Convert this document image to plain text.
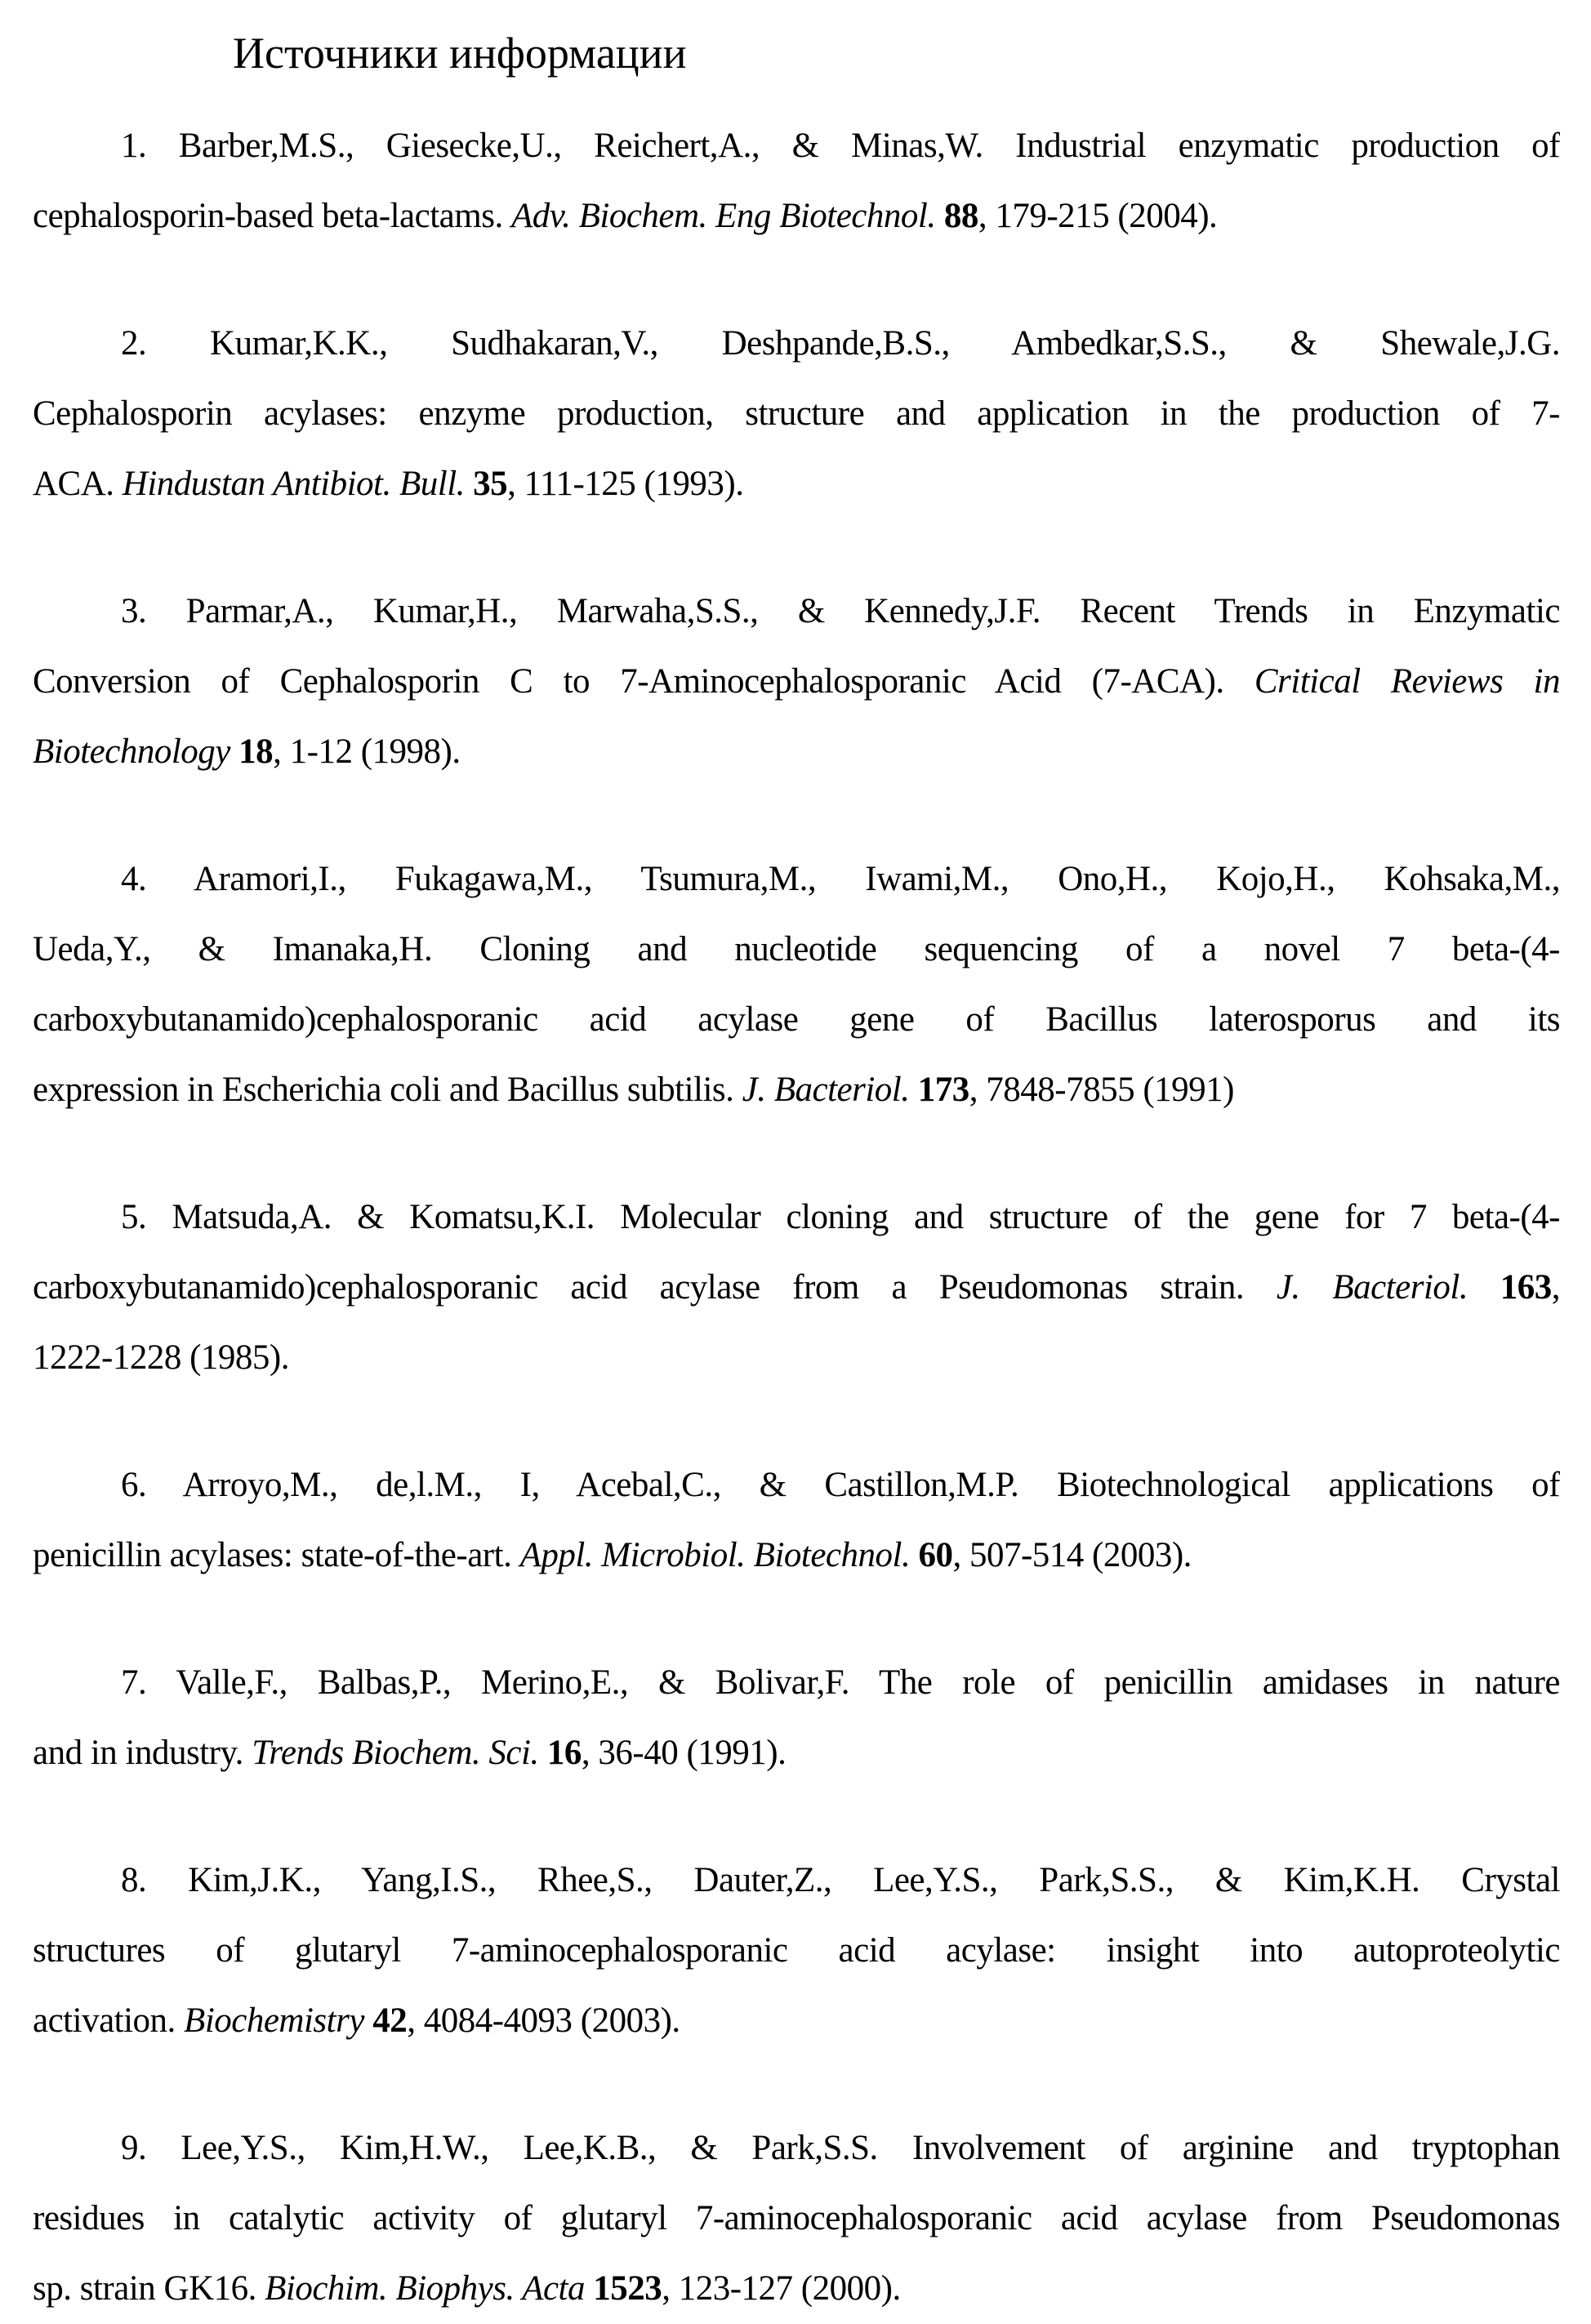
Источники информации

1. Barber,M.S., Giesecke,U., Reichert,A., & Minas,W. Industrial enzymatic production of
cephalosporin-based beta-lactams. Adv. Biochem. Eng Biotechnol. 88, 179-215 (2004).

2. Kumar,K.K., Sudhakaran,V., Deshpande,B.S., Ambedkar,S.S., & Shewale,J.G.
Cephalosporin acylases: enzyme production, structure and application in the production of 7-
ACA. Hindustan Antibiot. Bull. 35, 111-125 (1993).

3. Parmar,A., Kumar,H., Marwaha,S.S., & Kennedy,J.F. Recent Trends in Enzymatic
Conversion of Cephalosporin C to 7-Aminocephalosporanic Acid (7-ACA). Critical Reviews in
Biotechnology 18, 1-12 (1998).

4. Aramori,I., Fukagawa,M., Tsumura,M., Iwami,M., Ono,H., Kojo,H., Kohsaka,M.,
Ueda,Y., & Imanaka,H. Cloning and nucleotide sequencing of a novel 7 beta-(4-
carboxybutanamido)cephalosporanic acid acylase gene of Bacillus laterosporus and its
expression in Escherichia coli and Bacillus subtilis. J. Bacteriol. 173, 7848-7855 (1991)

5. Matsuda,A. & Komatsu,K.I. Molecular cloning and structure of the gene for 7 beta-(4-
carboxybutanamido)cephalosporanic acid acylase from a Pseudomonas strain. J. Bacteriol. 163,
1222-1228 (1985).

6. Arroyo,M., de,l.M., I, Acebal,C., & Castillon,M.P. Biotechnological applications of
penicillin acylases: state-of-the-art. Appl. Microbiol. Biotechnol. 60, 507-514 (2003).

7. Valle,F., Balbas,P., Merino,E., & Bolivar,F. The role of penicillin amidases in nature
and in industry. Trends Biochem. Sci. 16, 36-40 (1991).

8. Kim,J.K., Yang,I.S., Rhee,S., Dauter,Z., Lee,Y.S., Park,S.S., & Kim,K.H. Crystal
structures of glutaryl 7-aminocephalosporanic acid acylase: insight into autoproteolytic
activation. Biochemistry 42, 4084-4093 (2003).

9. Lee,Y.S., Kim,H.W., Lee,K.B., & Park,S.S. Involvement of arginine and tryptophan
residues in catalytic activity of glutaryl 7-aminocephalosporanic acid acylase from Pseudomonas
sp. strain GK16. Biochim. Biophys. Acta 1523, 123-127 (2000).
